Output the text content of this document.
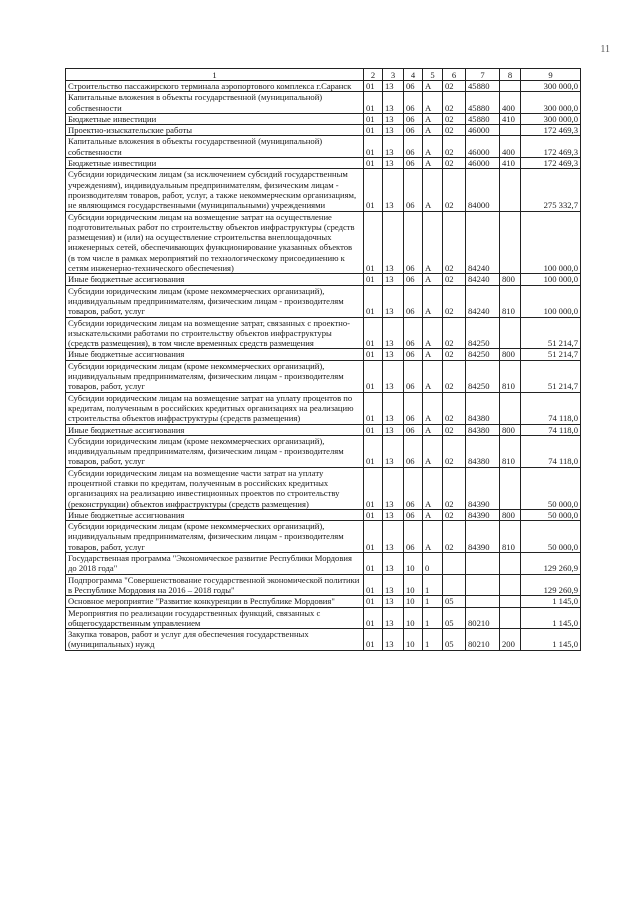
11
1	2	3	4	5	6	7	8	9
Строительство пассажирского терминала аэропортового комплекса г.Саранск	01	13	06	А	02	45880		300 000,0
Капитальные вложения в объекты государственной (муниципальной) собственности	01	13	06	А	02	45880	400	300 000,0
Бюджетные инвестиции	01	13	06	А	02	45880	410	300 000,0
Проектно-изыскательские работы	01	13	06	А	02	46000		172 469,3
Капитальные вложения в объекты государственной (муниципальной) собственности	01	13	06	А	02	46000	400	172 469,3
Бюджетные инвестиции	01	13	06	А	02	46000	410	172 469,3
Субсидии юридическим лицам (за исключением субсидий государственным учреждениям), индивидуальным предпринимателям, физическим лицам - производителям товаров, работ, услуг, а также некоммерческим организациям, не являющимся государственными (муниципальными) учреждениями	01	13	06	А	02	84000		275 332,7
Субсидии юридическим лицам на возмещение затрат на осуществление подготовительных работ по строительству объектов инфраструктуры (средств размещения) и (или) на осуществление строительства внеплощадочных инженерных сетей, обеспечивающих функционирование указанных объектов (в том числе в рамках мероприятий по технологическому присоединению к сетям инженерно-технического обеспечения)	01	13	06	А	02	84240		100 000,0
Иные бюджетные ассигнования	01	13	06	А	02	84240	800	100 000,0
Субсидии юридическим лицам (кроме некоммерческих организаций), индивидуальным предпринимателям, физическим лицам - производителям товаров, работ, услуг	01	13	06	А	02	84240	810	100 000,0
Субсидии юридическим лицам на возмещение затрат, связанных с проектно-изыскательскими работами по строительству объектов инфраструктуры (средств размещения), в том числе временных средств размещения	01	13	06	А	02	84250		51 214,7
Иные бюджетные ассигнования	01	13	06	А	02	84250	800	51 214,7
Субсидии юридическим лицам (кроме некоммерческих организаций), индивидуальным предпринимателям, физическим лицам - производителям товаров, работ, услуг	01	13	06	А	02	84250	810	51 214,7
Субсидии юридическим лицам на возмещение затрат на уплату процентов по кредитам, полученным в российских кредитных организациях на реализацию строительства объектов инфраструктуры (средств размещения)	01	13	06	А	02	84380		74 118,0
Иные бюджетные ассигнования	01	13	06	А	02	84380	800	74 118,0
Субсидии юридическим лицам (кроме некоммерческих организаций), индивидуальным предпринимателям, физическим лицам - производителям товаров, работ, услуг	01	13	06	А	02	84380	810	74 118,0
Субсидии юридическим лицам на возмещение части затрат на уплату процентной ставки по кредитам, полученным в российских кредитных организациях на реализацию инвестиционных проектов по строительству (реконструкции) объектов инфраструктуры (средств размещения)	01	13	06	А	02	84390		50 000,0
Иные бюджетные ассигнования	01	13	06	А	02	84390	800	50 000,0
Субсидии юридическим лицам (кроме некоммерческих организаций), индивидуальным предпринимателям, физическим лицам - производителям товаров, работ, услуг	01	13	06	А	02	84390	810	50 000,0
Государственная программа "Экономическое развитие Республики Мордовия до 2018 года"	01	13	10	0				129 260,9
Подпрограмма "Совершенствование государственной экономической политики в Республике Мордовия на 2016 – 2018 годы"	01	13	10	1				129 260,9
Основное мероприятие "Развитие конкуренции в Республике Мордовия"	01	13	10	1	05			1 145,0
Мероприятия по реализации государственных функций, связанных с общегосударственным управлением	01	13	10	1	05	80210		1 145,0
Закупка товаров, работ и услуг для обеспечения государственных (муниципальных) нужд	01	13	10	1	05	80210	200	1 145,0
